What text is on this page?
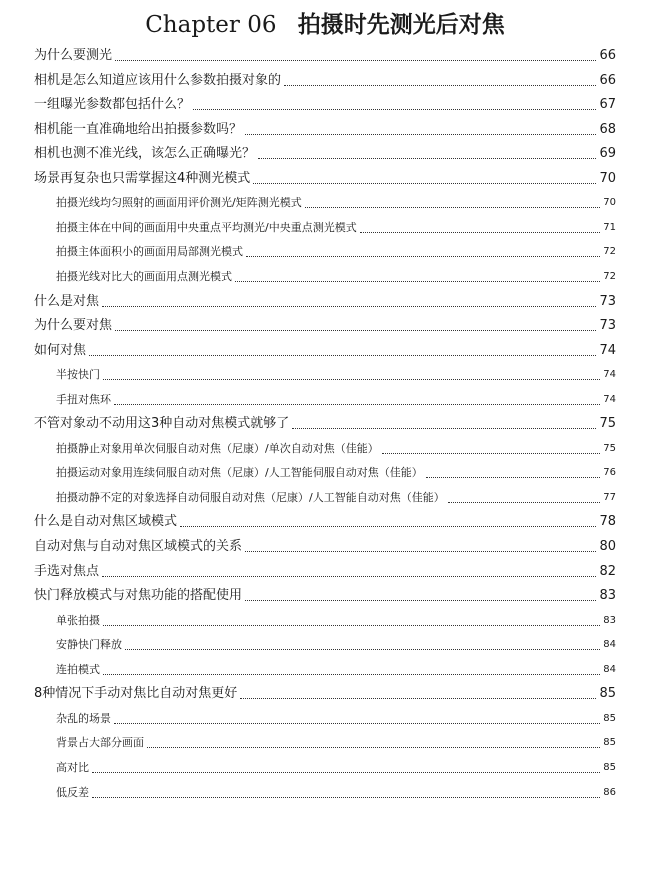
Chapter 06 拍摄时先测光后对焦
为什么要测光	66
相机是怎么知道应该用什么参数拍摄对象的	66
一组曝光参数都包括什么？	67
相机能一直准确地给出拍摄参数吗？	68
相机也测不准光线，该怎么正确曝光？	69
场景再复杂也只需掌握这4种测光模式	70
拍摄光线均匀照射的画面用评价测光/矩阵测光模式	70
拍摄主体在中间的画面用中央重点平均测光/中央重点测光模式	71
拍摄主体面积小的画面用局部测光模式	72
拍摄光线对比大的画面用点测光模式	72
什么是对焦	73
为什么要对焦	73
如何对焦	74
半按快门	74
手扭对焦环	74
不管对象动不动用这3种自动对焦模式就够了	75
拍摄静止对象用单次伺服自动对焦（尼康）/单次自动对焦（佳能）	75
拍摄运动对象用连续伺服自动对焦（尼康）/人工智能伺服自动对焦（佳能）	76
拍摄动静不定的对象选择自动伺服自动对焦（尼康）/人工智能自动对焦（佳能）	77
什么是自动对焦区域模式	78
自动对焦与自动对焦区域模式的关系	80
手选对焦点	82
快门释放模式与对焦功能的搭配使用	83
单张拍摄	83
安静快门释放	84
连拍模式	84
8种情况下手动对焦比自动对焦更好	85
杂乱的场景	85
背景占大部分画面	85
高对比	85
低反差	86
